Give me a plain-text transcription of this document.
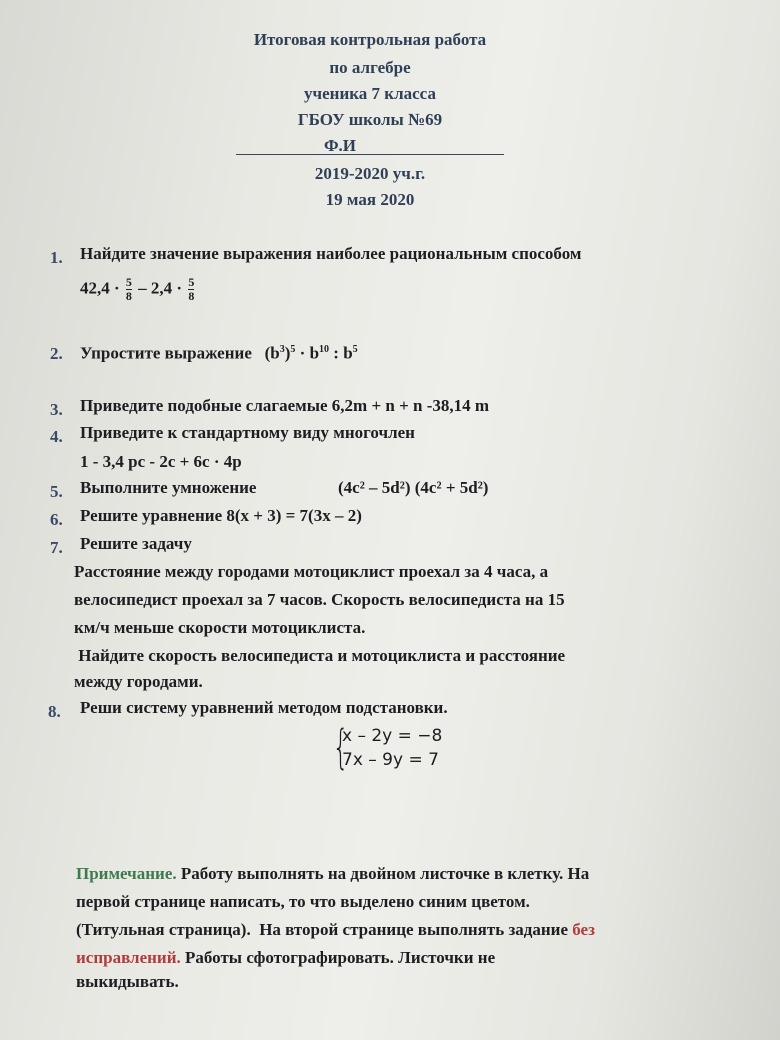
Итоговая контрольная работа
по алгебре
ученика 7 класса
ГБОУ школы №69
Ф.И
2019-2020 уч.г.
19 мая 2020
1. Найдите значение выражения наиболее рациональным способом
$42,4 \cdot \frac{5}{8} - 2,4 \cdot \frac{5}{8}$
2. Упростите выражение $(b^3)^5 \cdot b^{10}$ : $b^5$
3. Приведите подобные слагаемые 6,2m + n + n -38,14 m
4. Приведите к стандартному виду многочлен
1 - 3,4 pc - 2c + 6c · 4p
5. Выполните умножение	(4c² – 5d²) (4c² + 5d²)
6. Решите уравнение 8(x + 3) = 7(3x – 2)
7. Решите задачу
Расстояние между городами мотоциклист проехал за 4 часа, а
велосипедист проехал за 7 часов. Скорость велосипедиста на 15
км/ч меньше скорости мотоциклиста.
Найдите скорость велосипедиста и мотоциклиста и расстояние
между городами.
8. Реши систему уравнений методом подстановки.
{
x – 2y = −8
7x – 9y = 7
Примечание. Работу выполнять на двойном листочке в клетку. На
первой странице написать, то что выделено синим цветом.
(Титульная страница).  На второй странице выполнять задание без
исправлений. Работы сфотографировать. Листочки не
выкидывать.
